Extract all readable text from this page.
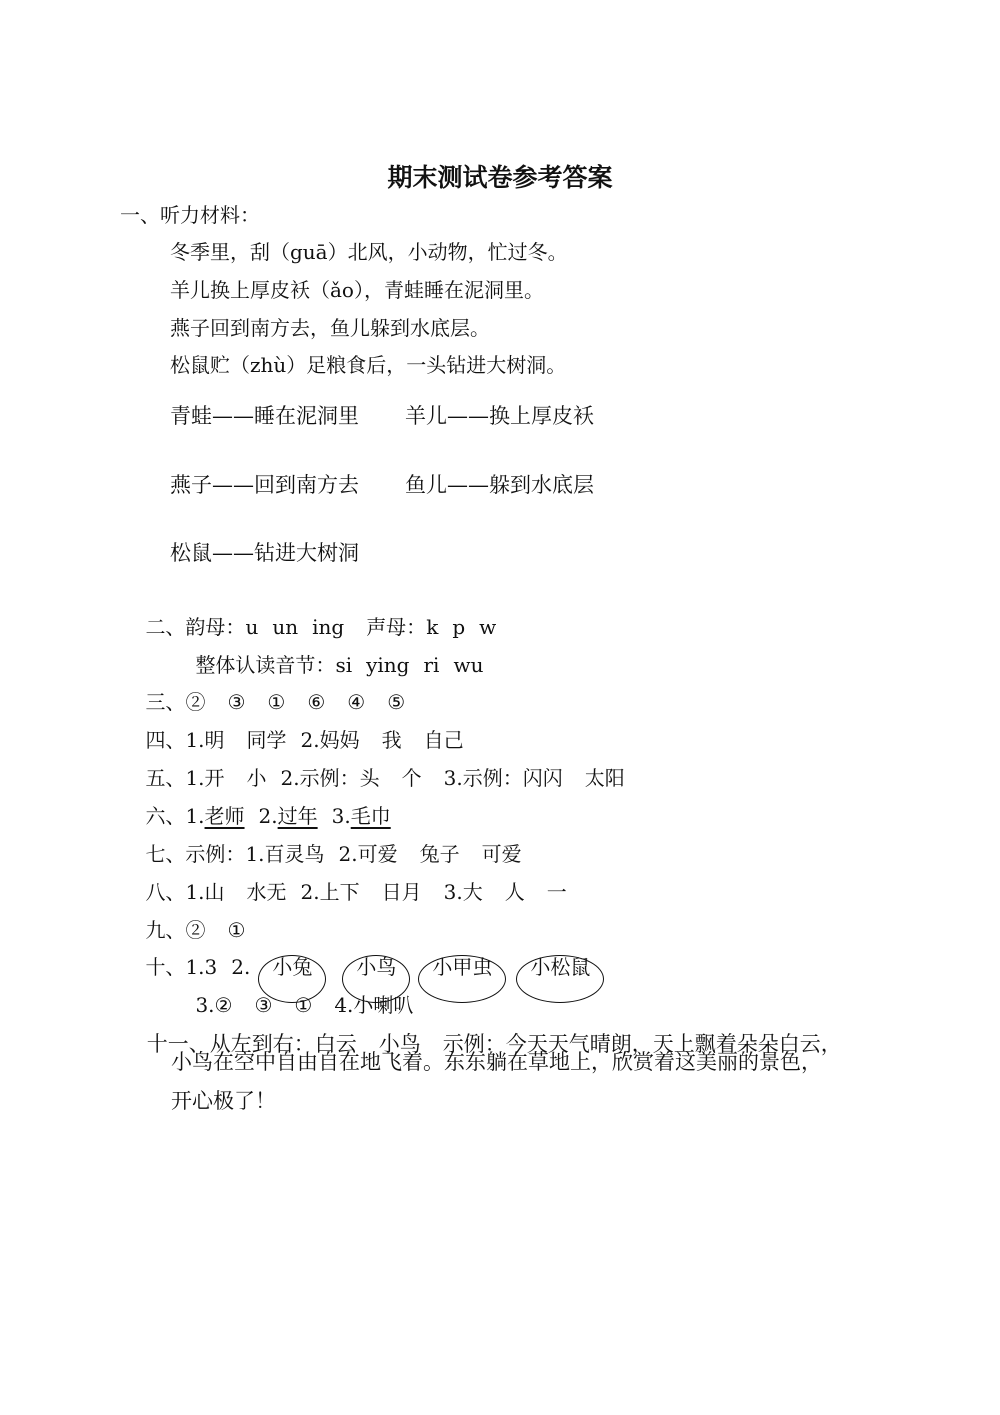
期末测试卷参考答案
一、听力材料：
冬季里，刮（guā）北风，小动物，忙过冬。
羊儿换上厚皮袄（ǎo），青蛙睡在泥洞里。
燕子回到南方去，鱼儿躲到水底层。
松鼠贮（zhù）足粮食后，一头钻进大树洞。
青蛙——睡在泥洞里 羊儿——换上厚皮袄
燕子——回到南方去 鱼儿——躲到水底层
松鼠——钻进大树洞

二、韵母：u un ing 声母：k p w

整体认读音节：si ying ri wu

三、② ③ ① ⑥ ④ ⑤

四、1.明 同学 2.妈妈 我 自己

五、1.开 小 2.示例：头 个 3.示例：闪闪 太阳

六、1.老师 2.过年 3.毛巾

七、示例：1.百灵鸟 2.可爱 兔子 可爱

八、1.山 水无 2.上下 日月 3.大 人 一

九、② ①

十、1.3 2. 小兔 小鸟 小甲虫 小松鼠

3.② ③ ① 4.小喇叭

十一、从左到右：白云 小鸟 示例：今天天气晴朗，天上飘着朵朵白云，

小鸟在空中自由自在地飞着。东东躺在草地上，欣赏着这美丽的景色，
开心极了！
